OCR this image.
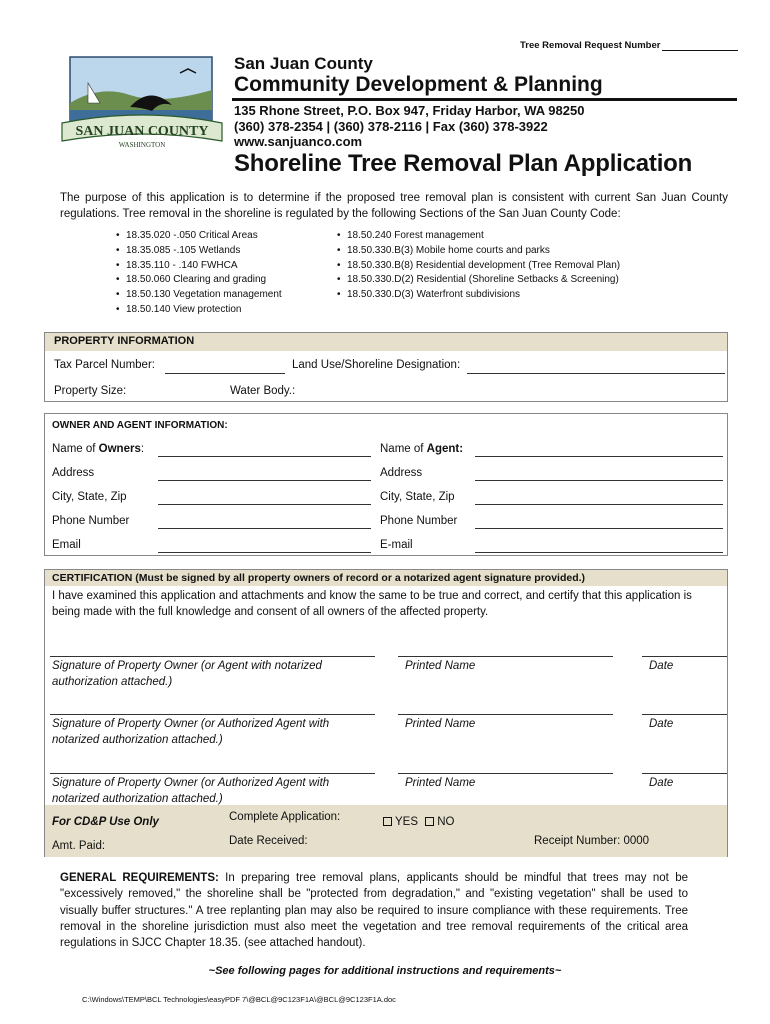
Tree Removal Request Number
SAN JUAN COUNTY
WASHINGTON
San Juan County
Community Development & Planning
135 Rhone Street, P.O. Box 947, Friday Harbor, WA 98250
(360) 378-2354 | (360) 378-2116 | Fax (360) 378-3922
www.sanjuanco.com
Shoreline Tree Removal Plan Application
The purpose of this application is to determine if the proposed tree removal plan is consistent with current San Juan County regulations. Tree removal in the shoreline is regulated by the following Sections of the San Juan County Code:
• 18.35.020 -.050 Critical Areas
• 18.35.085 -.105 Wetlands
• 18.35.110 - .140 FWHCA
• 18.50.060 Clearing and grading
• 18.50.130 Vegetation management
• 18.50.140 View protection
• 18.50.240 Forest management
• 18.50.330.B(3) Mobile home courts and parks
• 18.50.330.B(8) Residential development (Tree Removal Plan)
• 18.50.330.D(2) Residential (Shoreline Setbacks & Screening)
• 18.50.330.D(3) Waterfront subdivisions
PROPERTY INFORMATION
Tax Parcel Number:	Land Use/Shoreline Designation:
Property Size:	Water Body.:
OWNER AND AGENT INFORMATION:
Name of Owners:	Name of Agent:
Address	Address
City, State, Zip	City, State, Zip
Phone Number	Phone Number
Email	E-mail
CERTIFICATION (Must be signed by all property owners of record or a notarized agent signature provided.)
I have examined this application and attachments and know the same to be true and correct, and certify that this application is being made with the full knowledge and consent of all owners of the affected property.
Signature of Property Owner (or Agent with notarized authorization attached.)
Printed Name	Date
Signature of Property Owner (or Authorized Agent with notarized authorization attached.)
Printed Name	Date
Signature of Property Owner (or Authorized Agent with notarized authorization attached.)
Printed Name	Date
For CD&P Use Only
Amt. Paid:
Complete Application:	YES NO
Date Received:	Receipt Number: 0000
GENERAL REQUIREMENTS: In preparing tree removal plans, applicants should be mindful that trees may not be "excessively removed," the shoreline shall be "protected from degradation," and "existing vegetation" shall be used to visually buffer structures." A tree replanting plan may also be required to insure compliance with these requirements. Tree removal in the shoreline jurisdiction must also meet the vegetation and tree removal requirements of the critical area regulations in SJCC Chapter 18.35. (see attached handout).
~See following pages for additional instructions and requirements~
C:\Windows\TEMP\BCL Technologies\easyPDF 7\@BCL@9C123F1A\@BCL@9C123F1A.doc
